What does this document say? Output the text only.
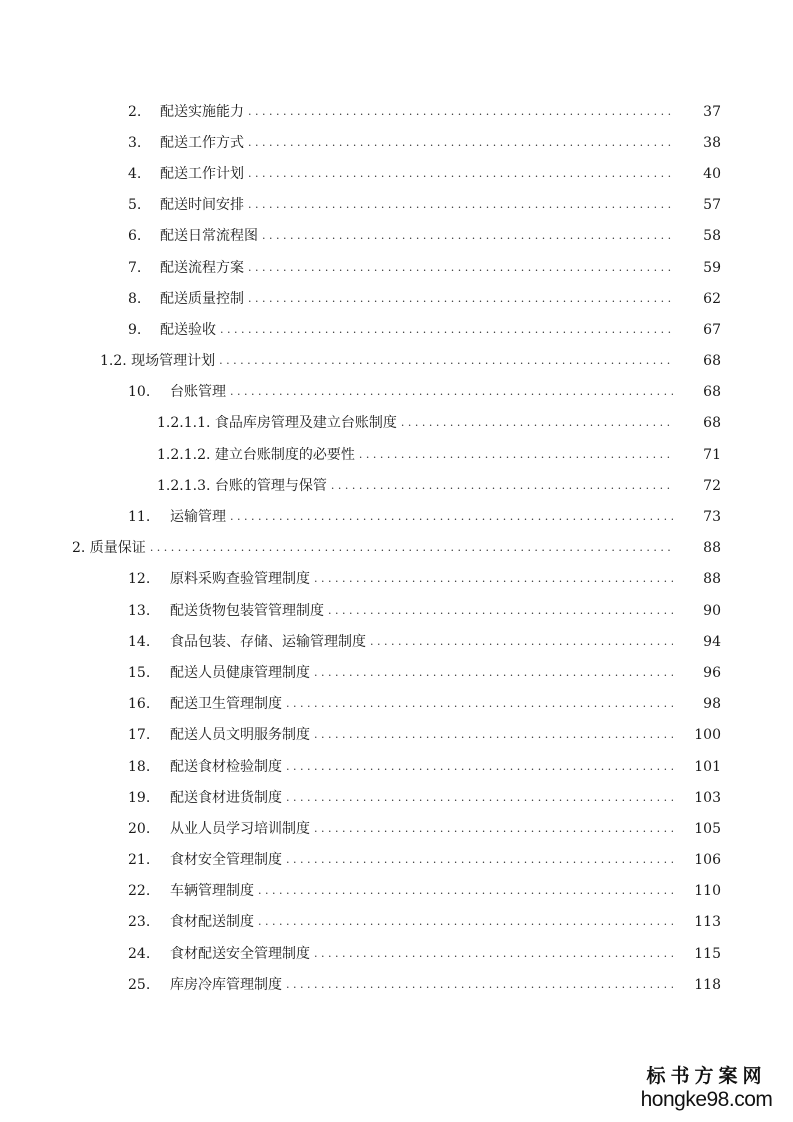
2.	配送实施能力 . . .	37
3.	配送工作方式 . . .	38
4.	配送工作计划 . . .	40
5.	配送时间安排 . . .	57
6.	配送日常流程图 . . .	58
7.	配送流程方案 . . .	59
8.	配送质量控制 . . .	62
9.	配送验收 . . .	67
1.2. 现场管理计划 . . .	68
10.	台账管理 . . .	68
1.2.1.1. 食品库房管理及建立台账制度 . . .	68
1.2.1.2. 建立台账制度的必要性 . . .	71
1.2.1.3. 台账的管理与保管 . . .	72
11.	运输管理 . . .	73
2. 质量保证 . . .	88
12.	原料采购查验管理制度 . . .	88
13.	配送货物包装管管理制度 . . .	90
14.	食品包装、存储、运输管理制度 . . .	94
15.	配送人员健康管理制度 . . .	96
16.	配送卫生管理制度 . . .	98
17.	配送人员文明服务制度 . . .	100
18.	配送食材检验制度 . . .	101
19.	配送食材进货制度 . . .	103
20.	从业人员学习培训制度 . . .	105
21.	食材安全管理制度 . . .	106
22.	车辆管理制度 . . .	110
23.	食材配送制度 . . .	113
24.	食材配送安全管理制度 . . .	115
25.	库房冷库管理制度 . . .	118
标书方案网
hongke98.com
